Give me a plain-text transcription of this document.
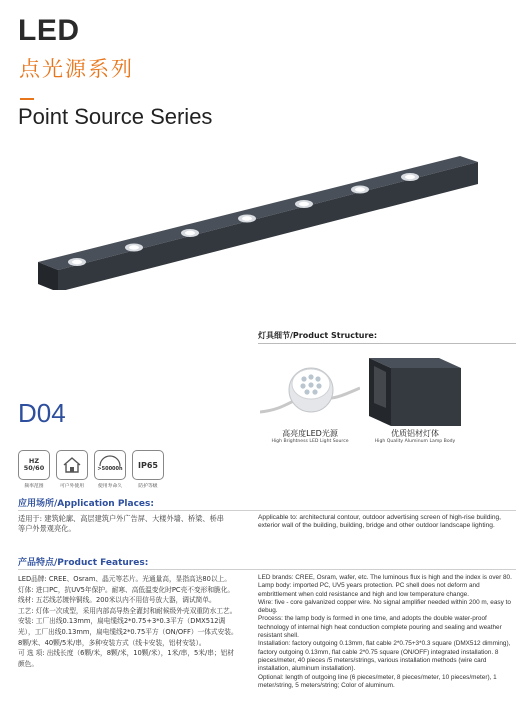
LED
点光源系列
Point Source Series
灯具细节/Product Structure:
高亮度LED光源
High Brightness LED Light Source
优质铝材灯体
High Quality Aluminum Lamp Body
D04
HZ
50/60
频率范围	可户外使用
>50000h
使用寿命久
IP65
防护等级
应用场所/Application Places:
适用于: 建筑轮廓、高层建筑户外广告屏、大楼外墙、桥梁、桥串等户外景观亮化。
Applicable to: architectural contour, outdoor advertising screen of high-rise building, exterior wall of the building, building, bridge and other outdoor landscape lighting.
产品特点/Product Features:

LED品牌: CREE、Osram、晶元等芯片。光通量高，显指高达80以上。

灯体: 进口PC，抗UV5年保护。耐寒、高低温变化时PC壳不变形和脆化。

线材: 五芯线芯镀锌铜线。200米以内不用信号放大器，调试简单。

工艺: 灯体一次成型，采用内部高导热全灌封和耐候级外壳双重防水工艺。

安装: 工厂出线0.13mm，扁电缆线2*0.75+3*0.3平方（DMX512调光），工厂出线0.13mm，扁电缆线2*0.75平方（ON/OFF）一体式安装。8颗/米、40颗/5米/串，多种安装方式（线卡安装，铝材安装）。

可 选 项: 出线长度（6颗/米，8颗/米，10颗/米），1米/串，5米/串；铝材颜色。

LED brands: CREE, Osram, wafer, etc. The luminous flux is high and the index is over 80.

Lamp body: imported PC, UV5 years protection. PC shell does not deform and embrittlement when cold resistance and high and low temperature change.

Wire: five - core galvanized copper wire. No signal amplifier needed within 200 m, easy to debug.

Process: the lamp body is formed in one time, and adopts the double water-proof technology of internal high heat conduction complete pouring and sealing and weather resistant shell.

Installation: factory outgoing 0.13mm, flat cable 2*0.75+3*0.3 square (DMX512 dimming), factory outgoing 0.13mm, flat cable 2*0.75 square (ON/OFF) integrated installation. 8 pieces/meter, 40 pieces /5 meters/strings, various installation methods (wire card installation, aluminum installation).

Optional: length of outgoing line (6 pieces/meter, 8 pieces/meter, 10 pieces/meter), 1 meter/string, 5 meters/string; Color of aluminum.
